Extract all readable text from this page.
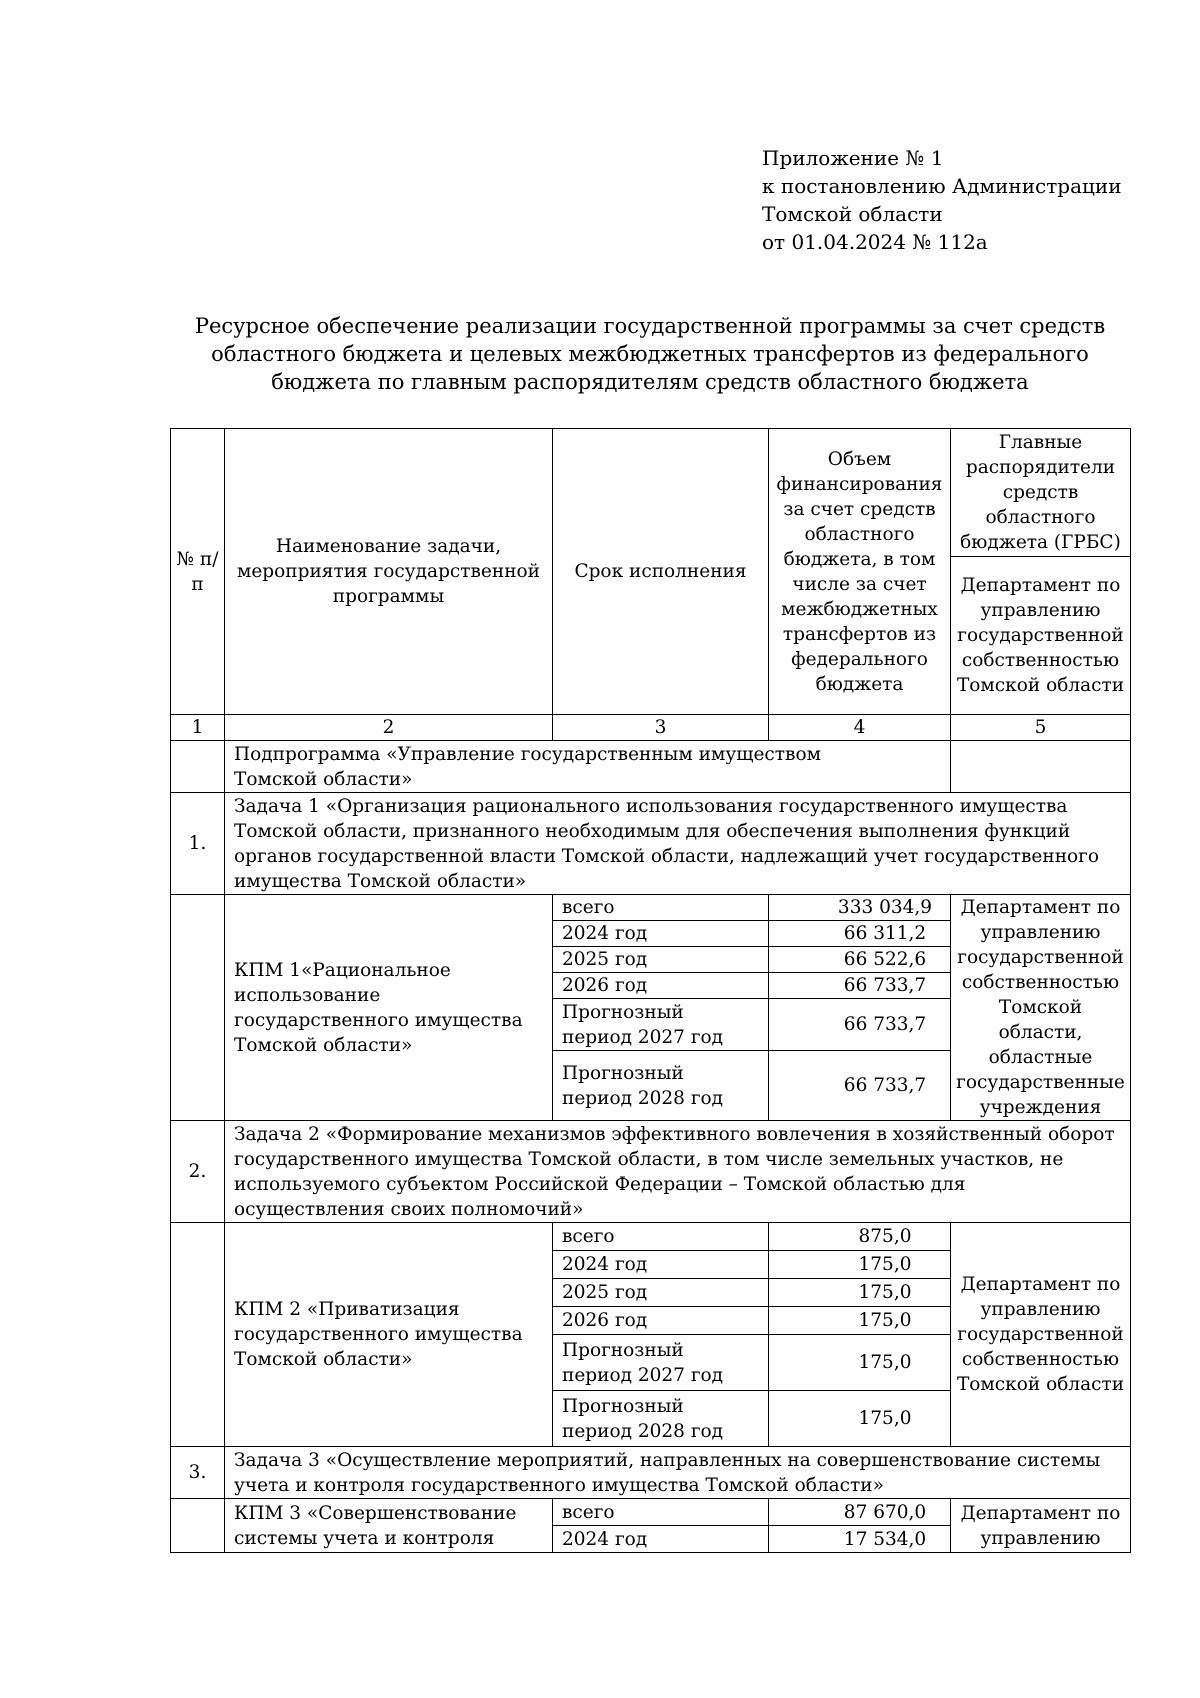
Приложение № 1
к постановлению Администрации
Томской области
от 01.04.2024 № 112а
Ресурсное обеспечение реализации государственной программы за счет средств
областного бюджета и целевых межбюджетных трансфертов из федерального
бюджета по главным распорядителям средств областного бюджета
№ п/п	Наименование задачи, мероприятия государственной программы	Срок исполнения	Объем финансирования за счет средств областного бюджета, в том числе за счет межбюджетных трансфертов из федерального бюджета	Главные распорядители средств областного бюджета (ГРБС)
				Департамент по управлению государственной собственностью Томской области
1	2	3	4	5
	Подпрограмма «Управление государственным имуществом Томской области»			
1.	Задача 1 «Организация рационального использования государственного имущества Томской области, признанного необходимым для обеспечения выполнения функций органов государственной власти Томской области, надлежащий учет государственного имущества Томской области»			
	КПМ 1«Рациональное использование государственного имущества Томской области»	всего	333 034,9	Департамент по управлению государственной собственностью Томской области, областные государственные учреждения
		2024 год	66 311,2	
		2025 год	66 522,6	
		2026 год	66 733,7	
		Прогнозный период 2027 год	66 733,7	
		Прогнозный период 2028 год	66 733,7	
2.	Задача 2 «Формирование механизмов эффективного вовлечения в хозяйственный оборот государственного имущества Томской области, в том числе земельных участков, не используемого субъектом Российской Федерации – Томской областью для осуществления своих полномочий»			
	КПМ 2 «Приватизация государственного имущества Томской области»	всего	875,0	Департамент по управлению государственной собственностью Томской области
		2024 год	175,0	
		2025 год	175,0	
		2026 год	175,0	
		Прогнозный период 2027 год	175,0	
		Прогнозный период 2028 год	175,0	
3.	Задача 3 «Осуществление мероприятий, направленных на совершенствование системы учета и контроля государственного имущества Томской области»			
	КПМ 3 «Совершенствование системы учета и контроля	всего	87 670,0	Департамент по управлению
		2024 год	17 534,0	
